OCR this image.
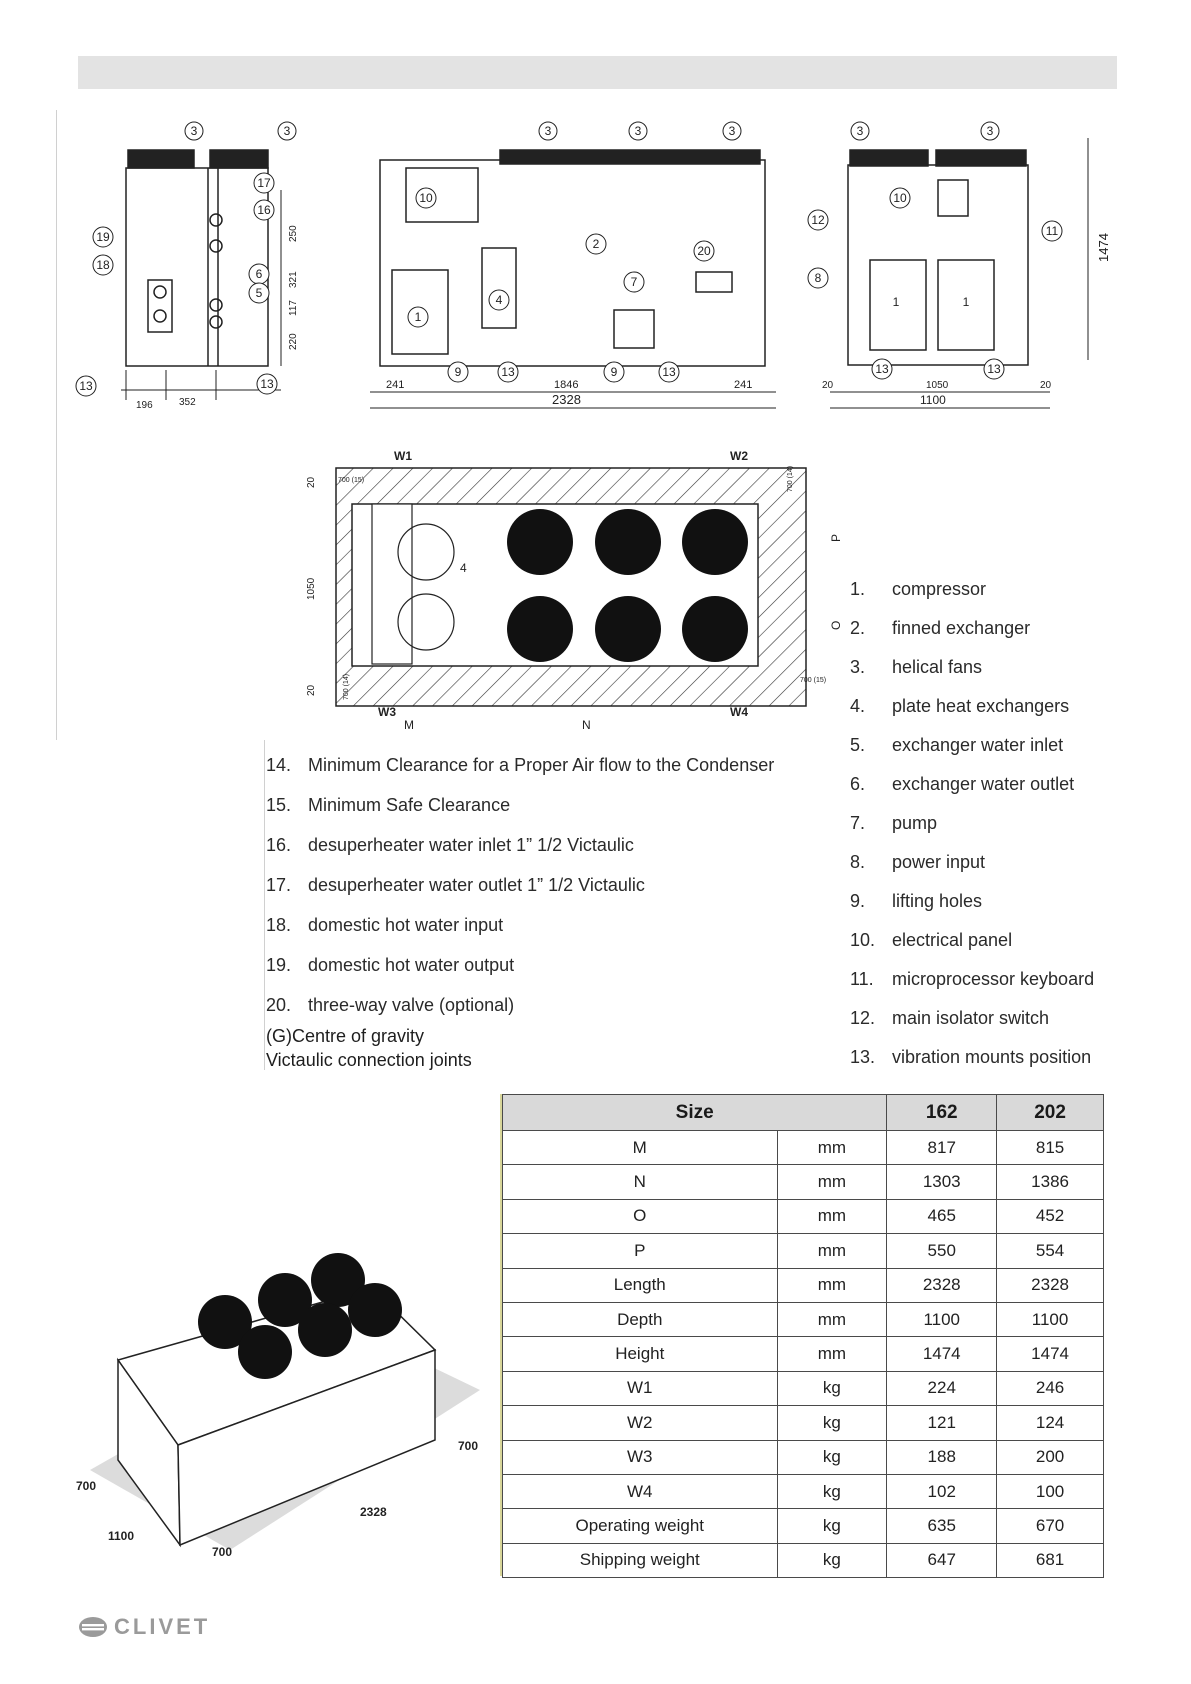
17
16
19
18
6
5
13	13
3	3
250
321
117
220
196	352
3	3	3
10
2	20
4
7
1
9	13	9	13
241	1846	241
2328
3	3
10
12
11
8
13	13
1	1
1474
20	1050	20
1100
W1	W2
W3	W4
M	N
P
O
4
20
1050
20
700 (15)
700 (14)	700 (15)
700 (14)
1.	compressor
2.	finned exchanger
3.	helical fans
4.	plate heat exchangers
5.	exchanger water inlet
6.	exchanger water outlet
7.	pump
8.	power input
9.	lifting holes
10. electrical panel
11.	microprocessor keyboard
12. main isolator switch
13. vibration mounts position
14. Minimum Clearance for a Proper Air flow to the Condenser
15. Minimum Safe Clearance
16. desuperheater water inlet 1” 1/2 Victaulic
17. desuperheater water outlet 1” 1/2 Victaulic
18. domestic hot water input
19. domestic hot water output
20. three-way valve (optional)
(G)Centre of gravity
Victaulic connection joints
700
700
1100
2328
700
Size		162	202
M	mm	817	815
N	mm	1303	1386
O	mm	465	452
P	mm	550	554
Length	mm	2328	2328
Depth	mm	1100	1100
Height	mm	1474	1474
W1	kg	224	246
W2	kg	121	124
W3	kg	188	200
W4	kg	102	100
Operating weight	kg	635	670
Shipping weight	kg	647	681
CLIVET
